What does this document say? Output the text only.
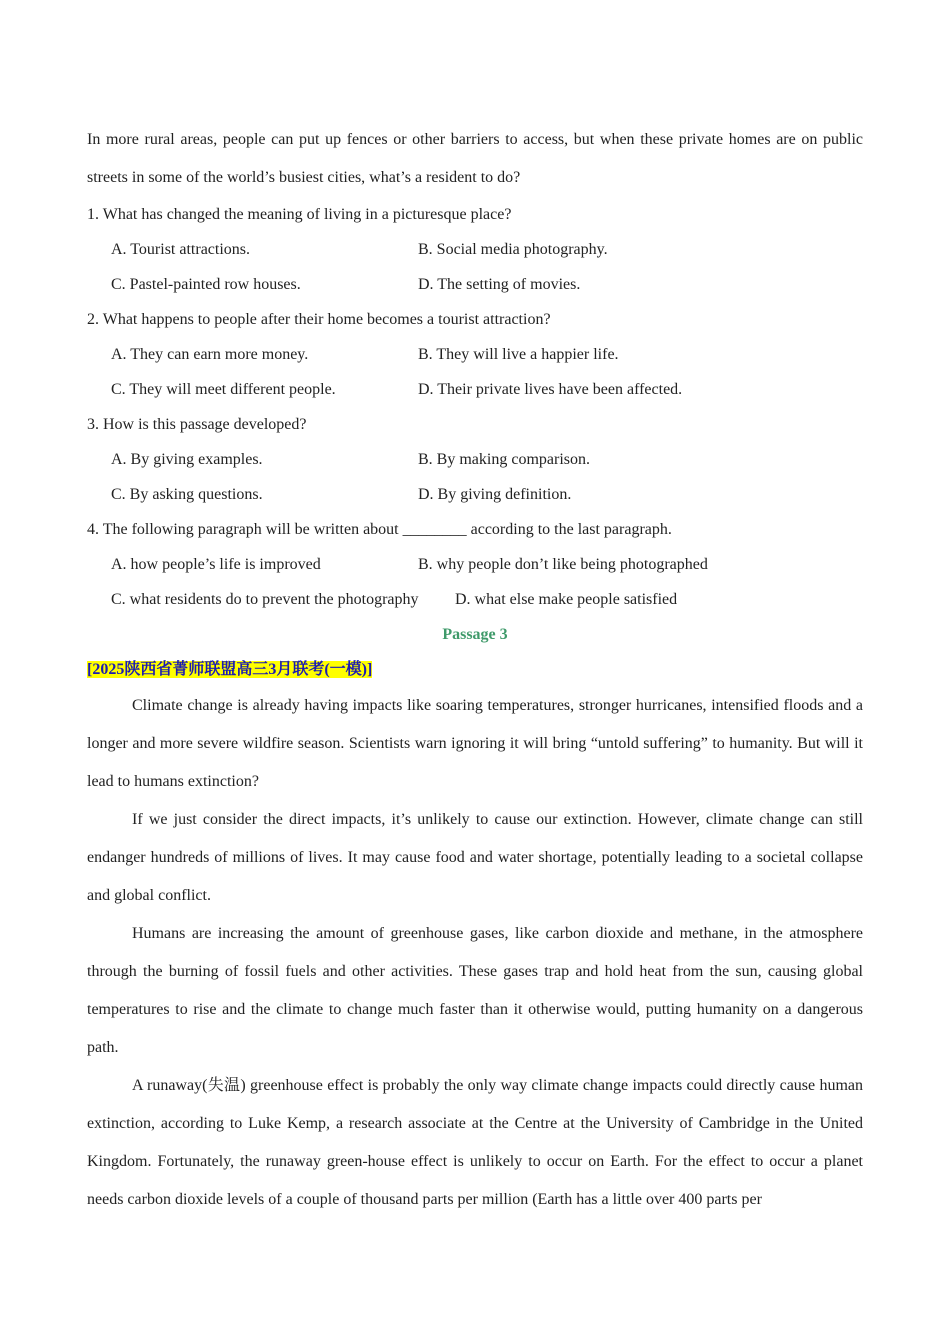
In more rural areas, people can put up fences or other barriers to access, but when these private homes are on public streets in some of the world’s busiest cities, what’s a resident to do?

1. What has changed the meaning of living in a picturesque place?

A. Tourist attractions.	B. Social media photography.
C. Pastel-painted row houses.	D. The setting of movies.

2. What happens to people after their home becomes a tourist attraction?

A. They can earn more money.	B. They will live a happier life.
C. They will meet different people.	D. Their private lives have been affected.

3. How is this passage developed?

A. By giving examples.	B. By making comparison.
C. By asking questions.	D. By giving definition.

4. The following paragraph will be written about ________ according to the last paragraph.

A. how people’s life is improved	B. why people don’t like being photographed
C. what residents do to prevent the photography D. what else make people satisfied
Passage 3
[2025陕西省菁师联盟高三3月联考(一模)]

Climate change is already having impacts like soaring temperatures, stronger hurricanes, intensified floods and a longer and more severe wildfire season. Scientists warn ignoring it will bring “untold suffering” to humanity. But will it lead to humans extinction?

If we just consider the direct impacts, it’s unlikely to cause our extinction. However, climate change can still endanger hundreds of millions of lives. It may cause food and water shortage, potentially leading to a societal collapse and global conflict.

Humans are increasing the amount of greenhouse gases, like carbon dioxide and methane, in the atmosphere through the burning of fossil fuels and other activities. These gases trap and hold heat from the sun, causing global temperatures to rise and the climate to change much faster than it otherwise would, putting humanity on a dangerous path.

A runaway(失温) greenhouse effect is probably the only way climate change impacts could directly cause human extinction, according to Luke Kemp, a research associate at the Centre at the University of Cambridge in the United Kingdom. Fortunately, the runaway green-house effect is unlikely to occur on Earth. For the effect to occur a planet needs carbon dioxide levels of a couple of thousand parts per million (Earth has a little over 400 parts per
